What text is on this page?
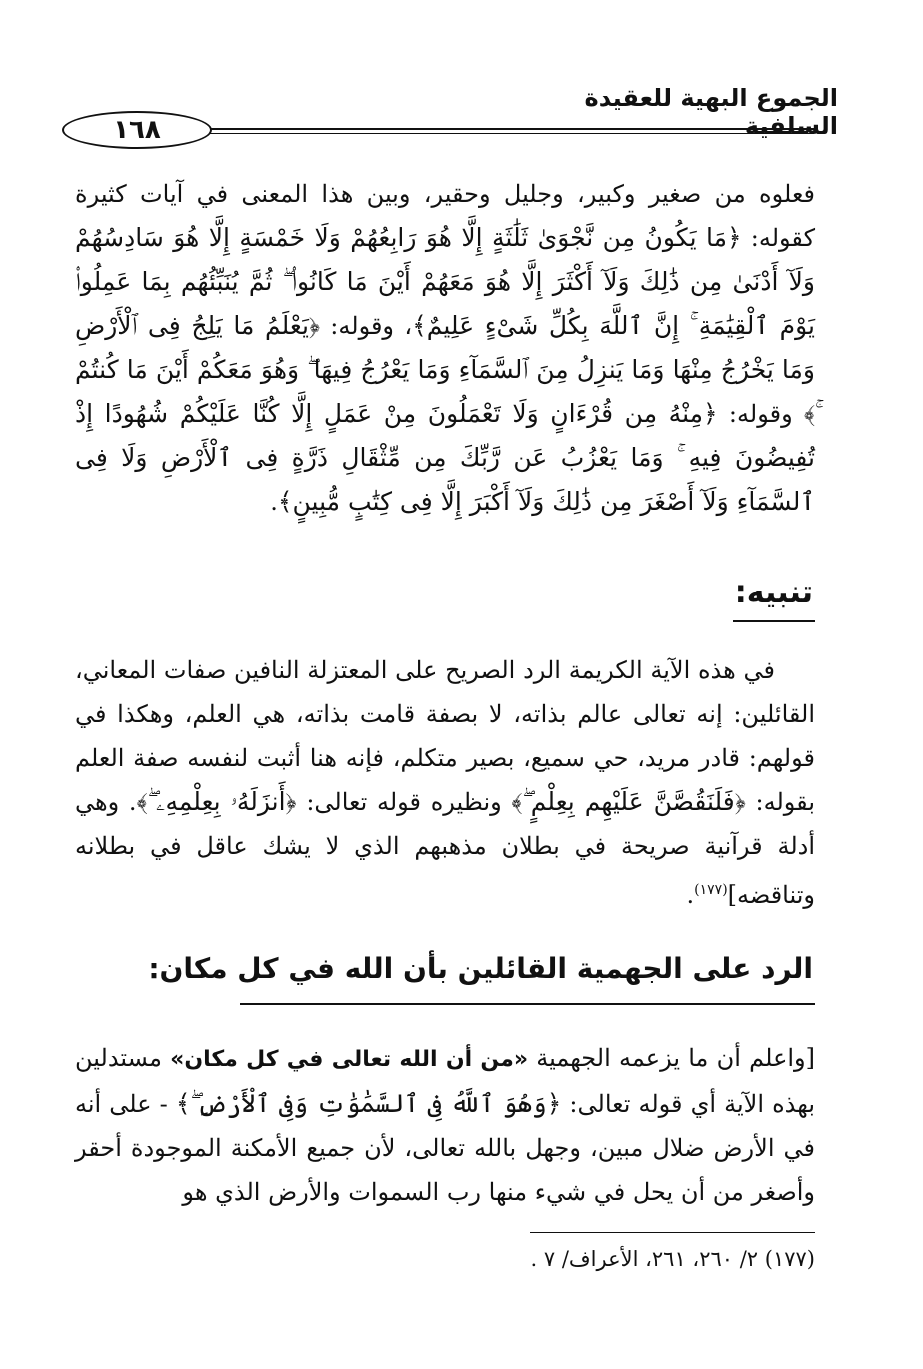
الجموع البهية للعقيدة السلفية
١٦٨

فعلوه من صغير وكبير، وجليل وحقير، وبين هذا المعنى في آيات كثيرة كقوله: ﴿مَا يَكُونُ مِن نَّجْوَىٰ ثَلَٰثَةٍ إِلَّا هُوَ رَابِعُهُمْ وَلَا خَمْسَةٍ إِلَّا هُوَ سَادِسُهُمْ وَلَآ أَدْنَىٰ مِن ذَٰلِكَ وَلَآ أَكْثَرَ إِلَّا هُوَ مَعَهُمْ أَيْنَ مَا كَانُوا۟ ۖ ثُمَّ يُنَبِّئُهُم بِمَا عَمِلُوا۟ يَوْمَ ٱلْقِيَٰمَةِ ۚ إِنَّ ٱللَّهَ بِكُلِّ شَىْءٍ عَلِيمٌ﴾، وقوله: ﴿يَعْلَمُ مَا يَلِجُ فِى ٱلْأَرْضِ وَمَا يَخْرُجُ مِنْهَا وَمَا يَنزِلُ مِنَ ٱلسَّمَآءِ وَمَا يَعْرُجُ فِيهَا ۖ وَهُوَ مَعَكُمْ أَيْنَ مَا كُنتُمْ ۚ﴾ وقوله: ﴿مِنْهُ مِن قُرْءَانٍ وَلَا تَعْمَلُونَ مِنْ عَمَلٍ إِلَّا كُنَّا عَلَيْكُمْ شُهُودًا إِذْ تُفِيضُونَ فِيهِ ۚ وَمَا يَعْزُبُ عَن رَّبِّكَ مِن مِّثْقَالِ ذَرَّةٍ فِى ٱلْأَرْضِ وَلَا فِى ٱلسَّمَآءِ وَلَآ أَصْغَرَ مِن ذَٰلِكَ وَلَآ أَكْبَرَ إِلَّا فِى كِتَٰبٍ مُّبِينٍ﴾.

تنبيه:

في هذه الآية الكريمة الرد الصريح على المعتزلة النافين صفات المعاني، القائلين: إنه تعالى عالم بذاته، لا بصفة قامت بذاته، هي العلم، وهكذا في قولهم: قادر مريد، حي سميع، بصير متكلم، فإنه هنا أثبت لنفسه صفة العلم بقوله: ﴿فَلَنَقُصَّنَّ عَلَيْهِم بِعِلْمٍ ۖ﴾ ونظيره قوله تعالى: ﴿أَنزَلَهُۥ بِعِلْمِهِۦ ۖ﴾. وهي أدلة قرآنية صريحة في بطلان مذهبهم الذي لا يشك عاقل في بطلانه وتناقضه]$^{(١٧٧)}$.

الرد على الجهمية القائلين بأن الله في كل مكان:

[واعلم أن ما يزعمه الجهمية «من أن الله تعالى في كل مكان» مستدلين بهذه الآية أي قوله تعالى: ﴿وَهُوَ ٱللَّهُ فِى ٱلسَّمَٰوَٰتِ وَفِى ٱلْأَرْضِ ۖ﴾ - على أنه في الأرض ضلال مبين، وجهل بالله تعالى، لأن جميع الأمكنة الموجودة أحقر وأصغر من أن يحل في شيء منها رب السموات والأرض الذي هو

(١٧٧) ٢/ ٢٦٠، ٢٦١، الأعراف/ ٧ .
